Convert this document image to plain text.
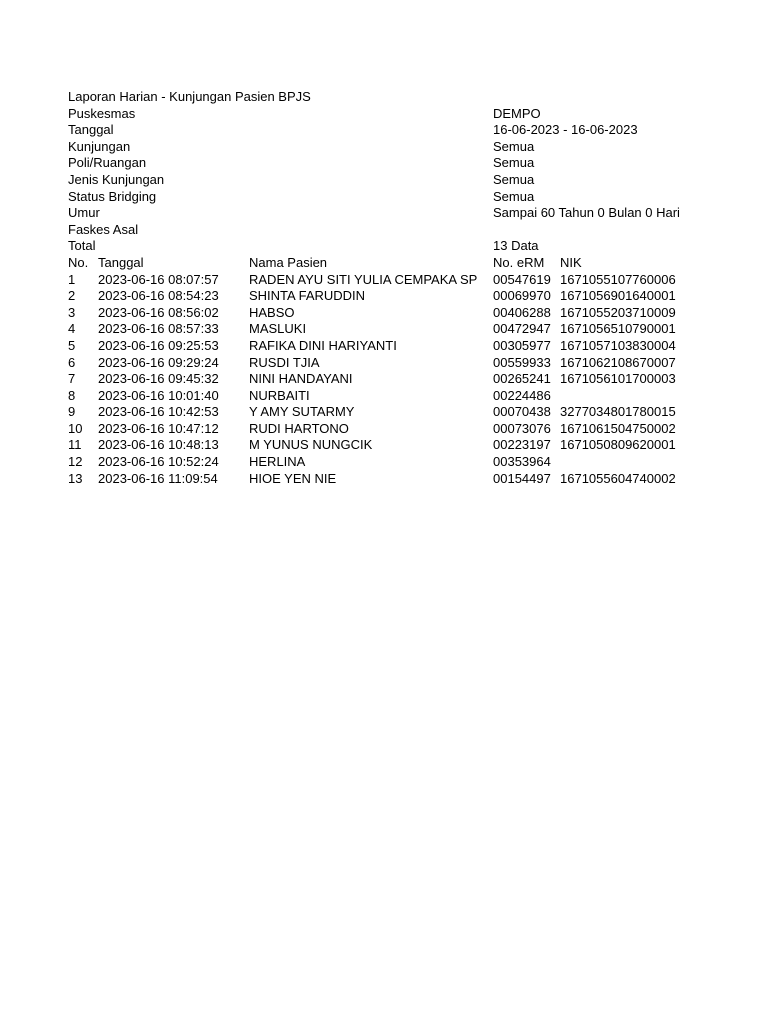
Laporan Harian - Kunjungan Pasien BPJS
Puskesmas	DEMPO
Tanggal	16-06-2023 - 16-06-2023
Kunjungan	Semua
Poli/Ruangan	Semua
Jenis Kunjungan	Semua
Status Bridging	Semua
Umur	Sampai 60 Tahun 0 Bulan 0 Hari
Faskes Asal
Total	13 Data
No. Tanggal	Nama Pasien	No. eRM NIK
1 2023-06-16 08:07:57 RADEN AYU SITI YULIA CEMPAKA SP 00547619 1671055107760006
2 2023-06-16 08:54:23 SHINTA FARUDDIN	00069970 1671056901640001
3 2023-06-16 08:56:02 HABSO	00406288 1671055203710009
4 2023-06-16 08:57:33 MASLUKI	00472947 1671056510790001
5 2023-06-16 09:25:53 RAFIKA DINI HARIYANTI	00305977 1671057103830004
6 2023-06-16 09:29:24 RUSDI TJIA	00559933 1671062108670007
7 2023-06-16 09:45:32 NINI HANDAYANI	00265241 1671056101700003
8 2023-06-16 10:01:40 NURBAITI	00224486
9 2023-06-16 10:42:53 Y AMY SUTARMY	00070438 3277034801780015
10 2023-06-16 10:47:12 RUDI HARTONO	00073076 1671061504750002
11 2023-06-16 10:48:13 M YUNUS NUNGCIK	00223197 1671050809620001
12 2023-06-16 10:52:24 HERLINA	00353964
13 2023-06-16 11:09:54 HIOE YEN NIE	00154497 1671055604740002
